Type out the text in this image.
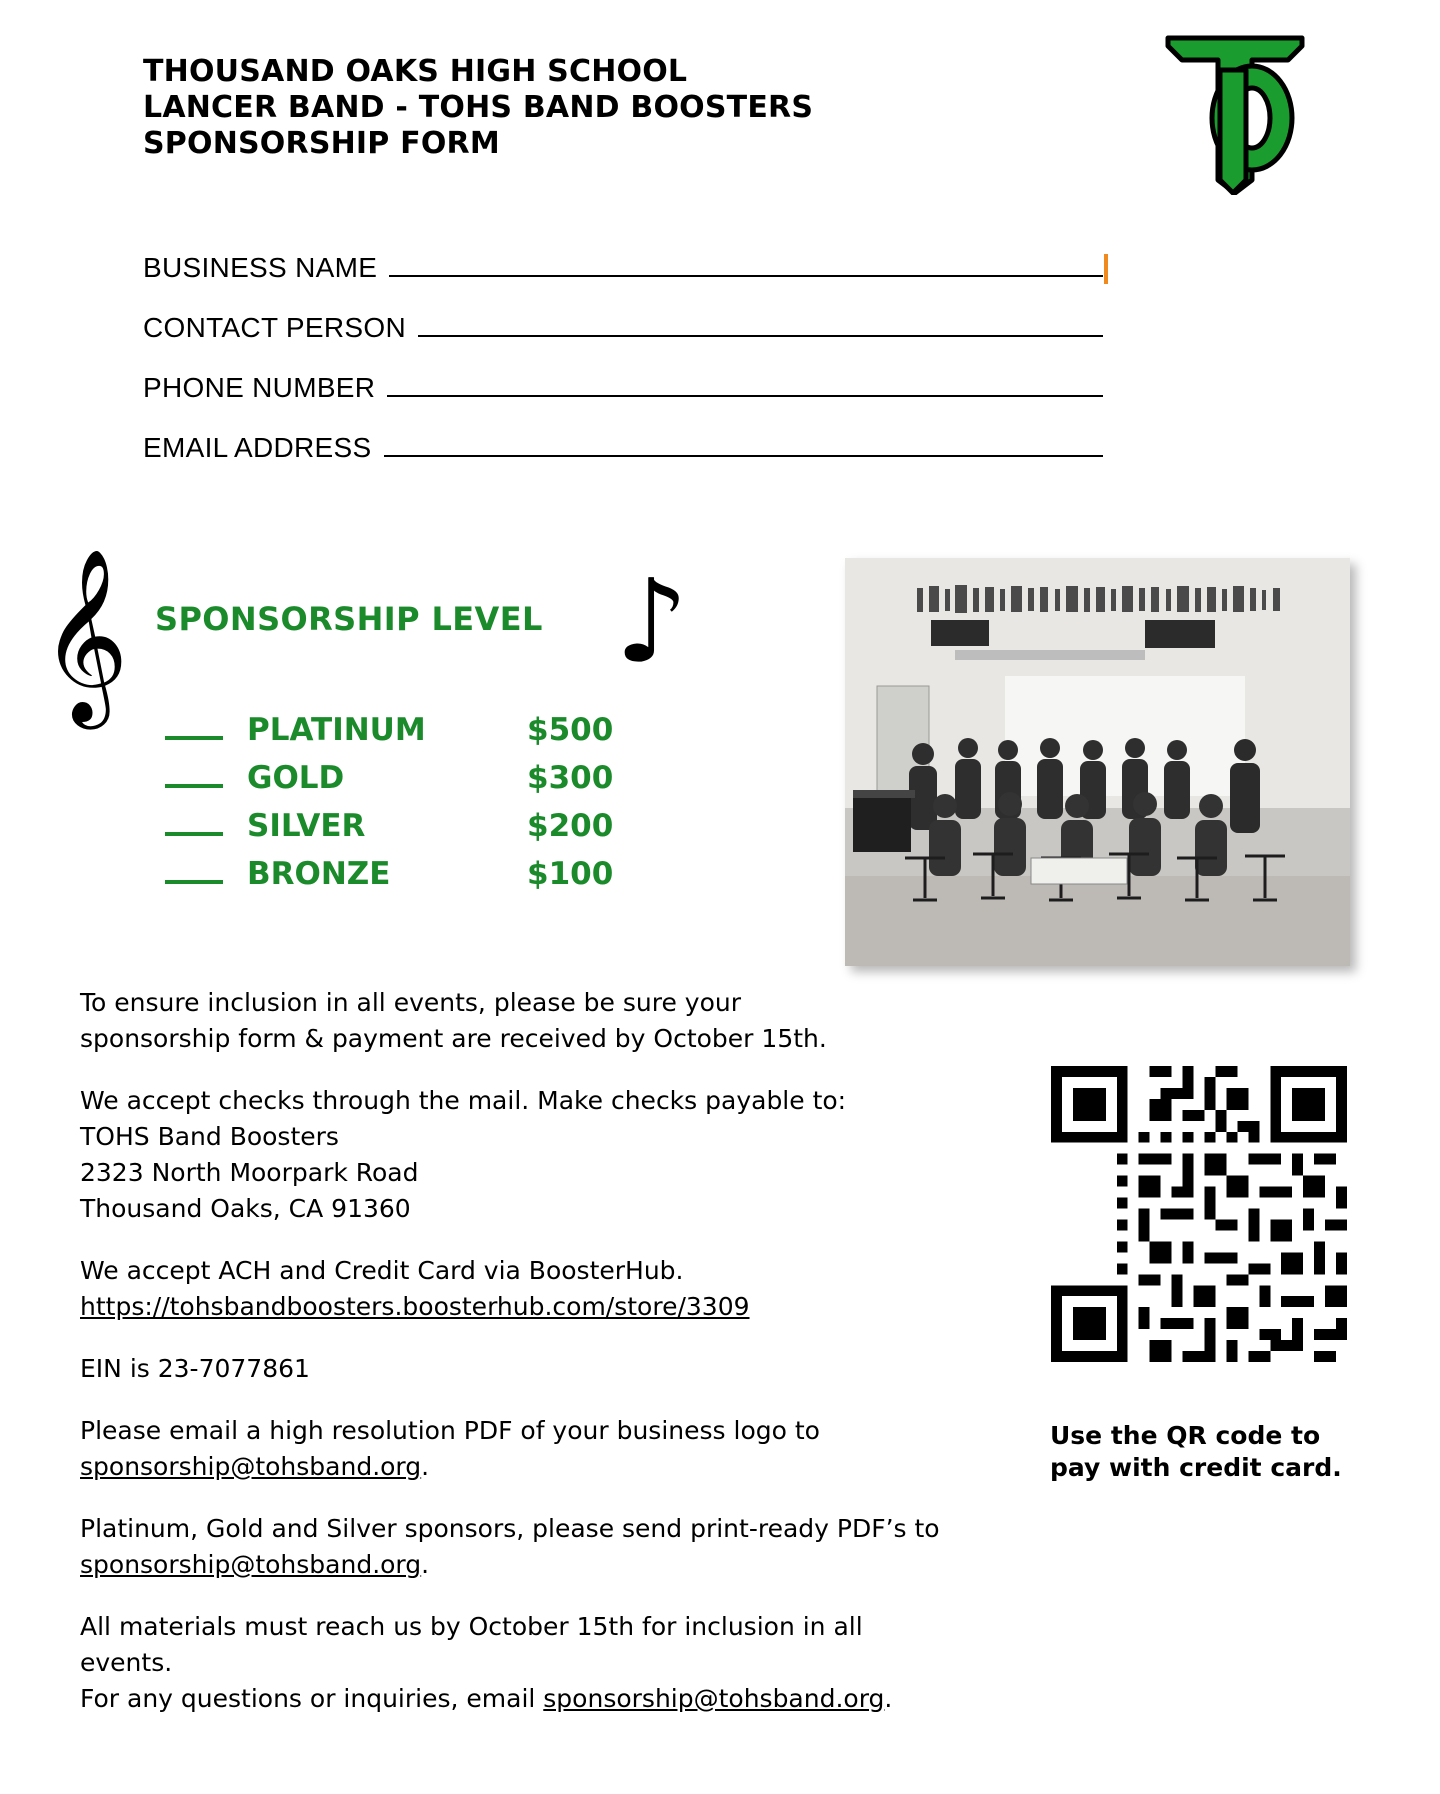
THOUSAND OAKS HIGH SCHOOL
LANCER BAND - TOHS BAND BOOSTERS
SPONSORSHIP FORM
BUSINESS NAME
CONTACT PERSON
PHONE NUMBER
EMAIL ADDRESS
𝄞	♪
SPONSORSHIP LEVEL
PLATINUM	$500
GOLD	$300
SILVER	$200
BRONZE	$100

To ensure inclusion in all events, please be sure your
sponsorship form & payment are received by October 15th.

We accept checks through the mail. Make checks payable to:
TOHS Band Boosters
2323 North Moorpark Road
Thousand Oaks, CA 91360

We accept ACH and Credit Card via BoosterHub.
https://tohsbandboosters.boosterhub.com/store/3309

EIN is 23-7077861

Please email a high resolution PDF of your business logo to
sponsorship@tohsband.org.

Platinum, Gold and Silver sponsors, please send print-ready PDF’s to
sponsorship@tohsband.org.

All materials must reach us by October 15th for inclusion in all events.
For any questions or inquiries, email sponsorship@tohsband.org.

Use the QR code to pay with credit card.
